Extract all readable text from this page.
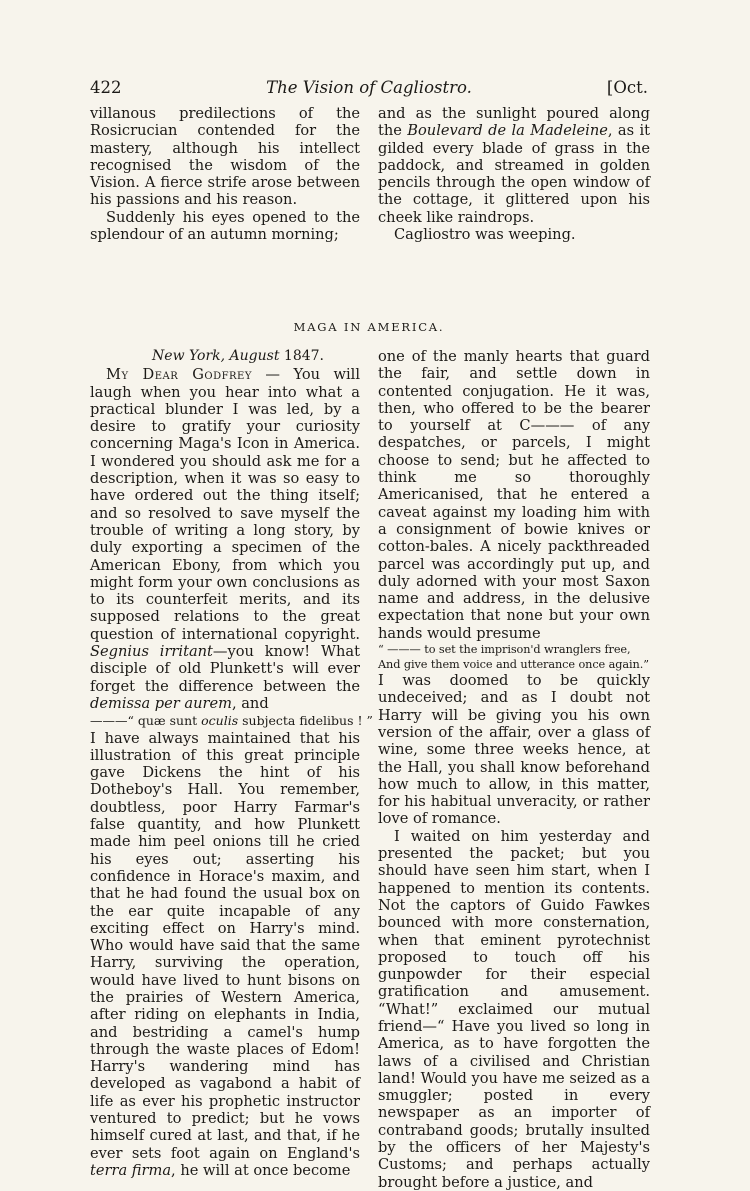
422	The Vision of Cagliostro.	[Oct.

villanous predilections of the Rosicrucian contended for the mastery, although his intellect recognised the wisdom of the Vision. A fierce strife arose between his passions and his reason.

Suddenly his eyes opened to the splendour of an autumn morning;

and as the sunlight poured along the Boulevard de la Madeleine, as it gilded every blade of grass in the paddock, and streamed in golden pencils through the open window of the cottage, it glittered upon his cheek like raindrops.

Cagliostro was weeping.

MAGA IN AMERICA.

New York, August 1847.

My Dear Godfrey — You will laugh when you hear into what a practical blunder I was led, by a desire to gratify your curiosity concerning Maga's Icon in America. I wondered you should ask me for a description, when it was so easy to have ordered out the thing itself; and so resolved to save myself the trouble of writing a long story, by duly exporting a specimen of the American Ebony, from which you might form your own conclusions as to its counterfeit merits, and its supposed relations to the great question of international copyright. Segnius irritant—you know! What disciple of old Plunkett's will ever forget the difference between the demissa per aurem, and

———“ quæ sunt oculis subjecta fidelibus ! ”

I have always maintained that his illustration of this great principle gave Dickens the hint of his Dotheboy's Hall. You remember, doubtless, poor Harry Farmar's false quantity, and how Plunkett made him peel onions till he cried his eyes out; asserting his confidence in Horace's maxim, and that he had found the usual box on the ear quite incapable of any exciting effect on Harry's mind. Who would have said that the same Harry, surviving the operation, would have lived to hunt bisons on the prairies of Western America, after riding on elephants in India, and bestriding a camel's hump through the waste places of Edom! Harry's wandering mind has developed as vagabond a habit of life as ever his prophetic instructor ventured to predict; but he vows himself cured at last, and that, if he ever sets foot again on England's terra firma, he will at once become

one of the manly hearts that guard the fair, and settle down in contented conjugation. He it was, then, who offered to be the bearer to yourself at C——— of any despatches, or parcels, I might choose to send; but he affected to think me so thoroughly Americanised, that he entered a caveat against my loading him with a consignment of bowie knives or cotton-bales. A nicely packthreaded parcel was accordingly put up, and duly adorned with your most Saxon name and address, in the delusive expectation that none but your own hands would presume

“ ——— to set the imprison'd wranglers free,

And give them voice and utterance once again.”

I was doomed to be quickly undeceived; and as I doubt not Harry will be giving you his own version of the affair, over a glass of wine, some three weeks hence, at the Hall, you shall know beforehand how much to allow, in this matter, for his habitual unveracity, or rather love of romance.

I waited on him yesterday and presented the packet; but you should have seen him start, when I happened to mention its contents. Not the captors of Guido Fawkes bounced with more consternation, when that eminent pyrotechnist proposed to touch off his gunpowder for their especial gratification and amusement. “What!” exclaimed our mutual friend—“ Have you lived so long in America, as to have forgotten the laws of a civilised and Christian land! Would you have me seized as a smuggler; posted in every newspaper as an importer of contraband goods; brutally insulted by the officers of her Majesty's Customs; and perhaps actually brought before a justice, and
